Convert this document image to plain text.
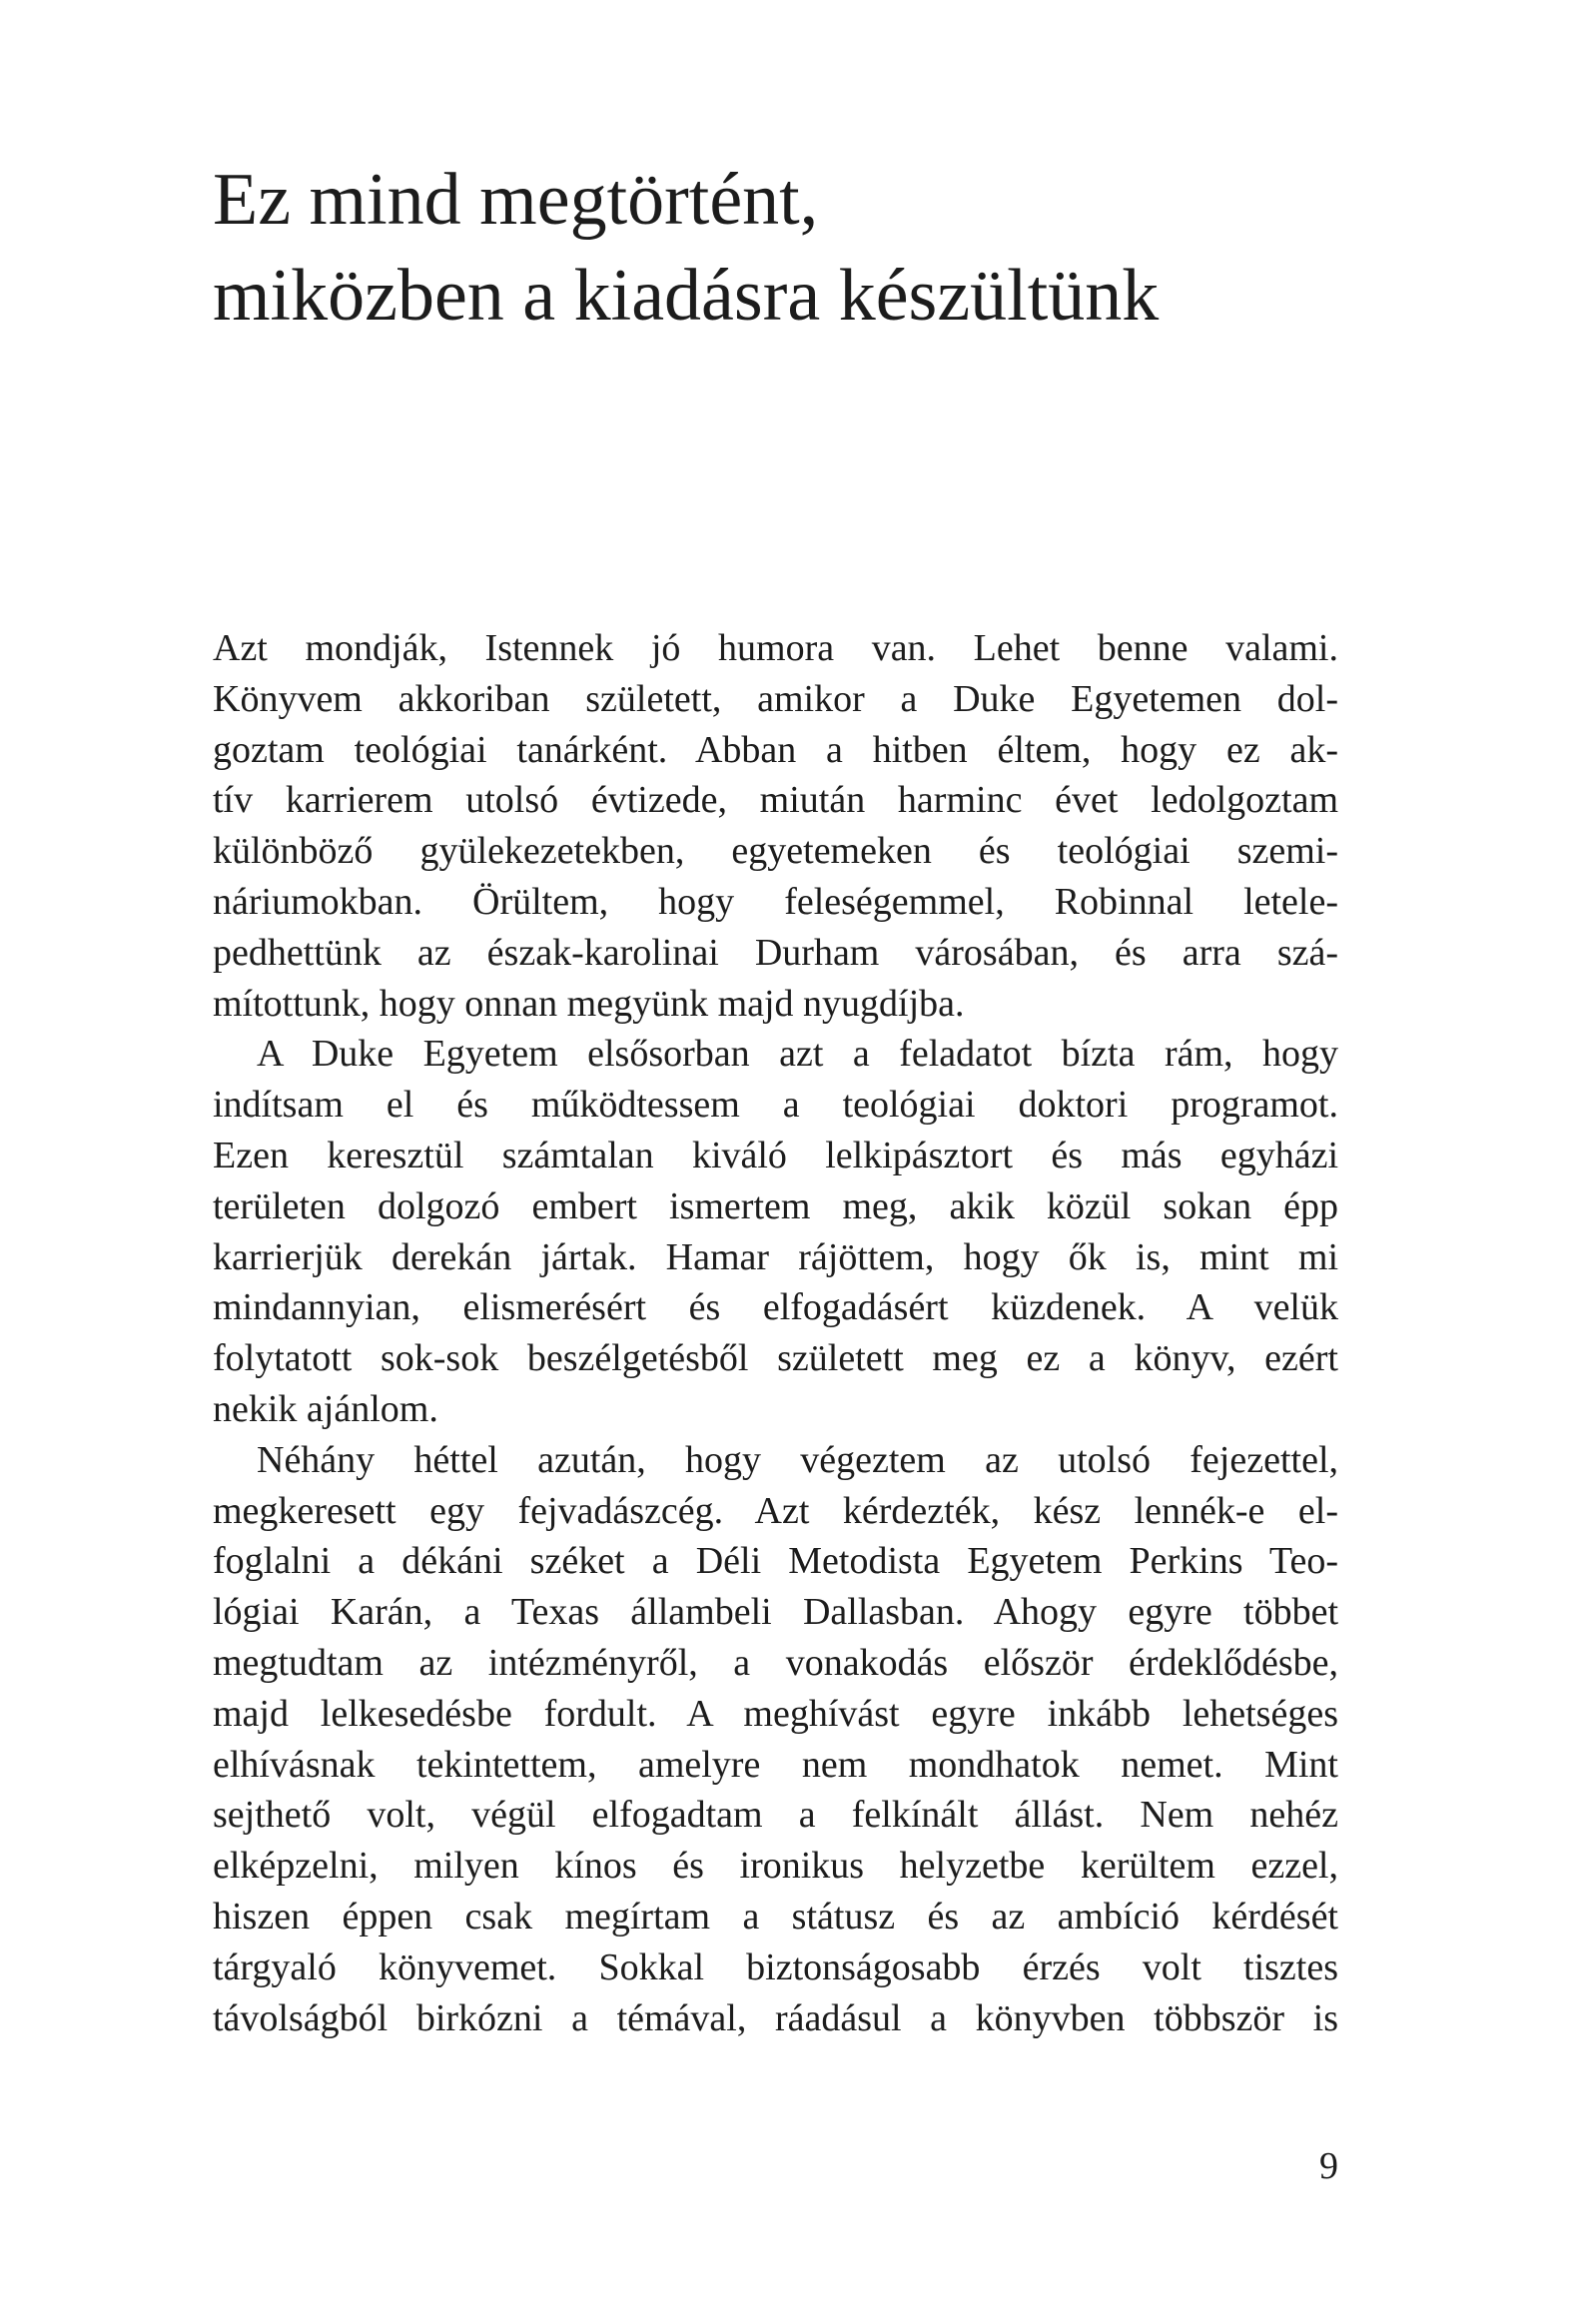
Ez mind megtörtént,
miközben a kiadásra készültünk

Azt mondják, Istennek jó humora van. Lehet benne valami.
Könyvem akkoriban született, amikor a Duke Egyetemen dol-
goztam teológiai tanárként. Abban a hitben éltem, hogy ez ak-
tív karrierem utolsó évtizede, miután harminc évet ledolgoztam
különböző gyülekezetekben, egyetemeken és teológiai szemi-
náriumokban. Örültem, hogy feleségemmel, Robinnal letele-
pedhettünk az észak-karolinai Durham városában, és arra szá-
mítottunk, hogy onnan megyünk majd nyugdíjba.

A Duke Egyetem elsősorban azt a feladatot bízta rám, hogy
indítsam el és működtessem a teológiai doktori programot.
Ezen keresztül számtalan kiváló lelkipásztort és más egyházi
területen dolgozó embert ismertem meg, akik közül sokan épp
karrierjük derekán jártak. Hamar rájöttem, hogy ők is, mint mi
mindannyian, elismerésért és elfogadásért küzdenek. A velük
folytatott sok-sok beszélgetésből született meg ez a könyv, ezért
nekik ajánlom.

Néhány héttel azután, hogy végeztem az utolsó fejezettel,
megkeresett egy fejvadászcég. Azt kérdezték, kész lennék-e el-
foglalni a dékáni széket a Déli Metodista Egyetem Perkins Teo-
lógiai Karán, a Texas állambeli Dallasban. Ahogy egyre többet
megtudtam az intézményről, a vonakodás először érdeklődésbe,
majd lelkesedésbe fordult. A meghívást egyre inkább lehetséges
elhívásnak tekintettem, amelyre nem mondhatok nemet. Mint
sejthető volt, végül elfogadtam a felkínált állást. Nem nehéz
elképzelni, milyen kínos és ironikus helyzetbe kerültem ezzel,
hiszen éppen csak megírtam a státusz és az ambíció kérdését
tárgyaló könyvemet. Sokkal biztonságosabb érzés volt tisztes
távolságból birkózni a témával, ráadásul a könyvben többször is

9
